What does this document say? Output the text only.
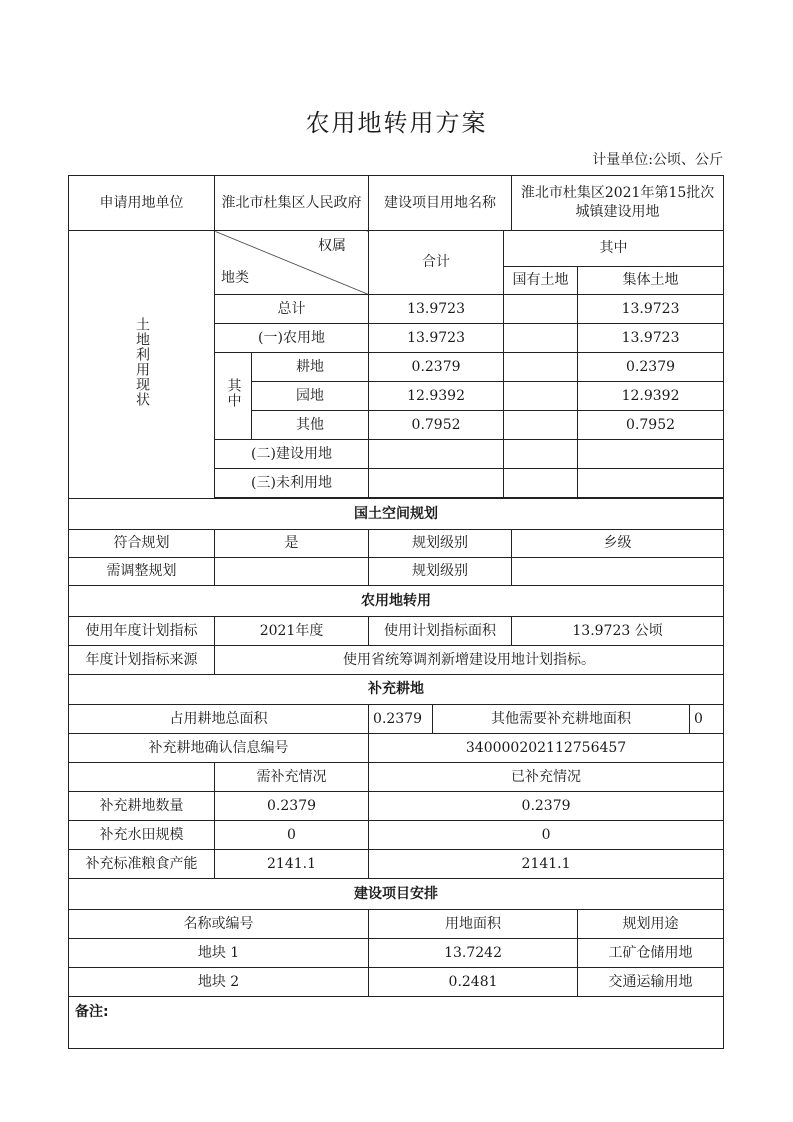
农用地转用方案
计量单位:公顷、公斤
申请用地单位	淮北市杜集区人民政府		建设项目用地名称			淮北市杜集区2021年第15批次城镇建设用地		
土地利用现状	权属
地类		合计		其中			
					国有土地		集体土地	
	总计		13.9723				13.9723	
	(一)农用地		13.9723				13.9723	
	其中	耕地	0.2379				0.2379	
		园地	12.9392				12.9392	
		其他	0.7952				0.7952	
	(二)建设用地							
	(三)未利用地							

国土空间规划								
符合规划	是		规划级别			乡级		
需调整规划			规划级别					
农用地转用								
使用年度计划指标	2021年度		使用计划指标面积			13.9723 公顷		
年度计划指标来源	使用省统筹调剂新增建设用地计划指标。							
补充耕地								
占用耕地总面积			0.2379	其他需要补充耕地面积				0
补充耕地确认信息编号			340000202112756457					
	需补充情况		已补充情况					
补充耕地数量	0.2379		0.2379					
补充水田规模	0		0					
补充标准粮食产能	2141.1		2141.1					
建设项目安排								
名称或编号			用地面积				规划用途	
地块 1			13.7242				工矿仓储用地	
地块 2			0.2481				交通运输用地	
备注:								
